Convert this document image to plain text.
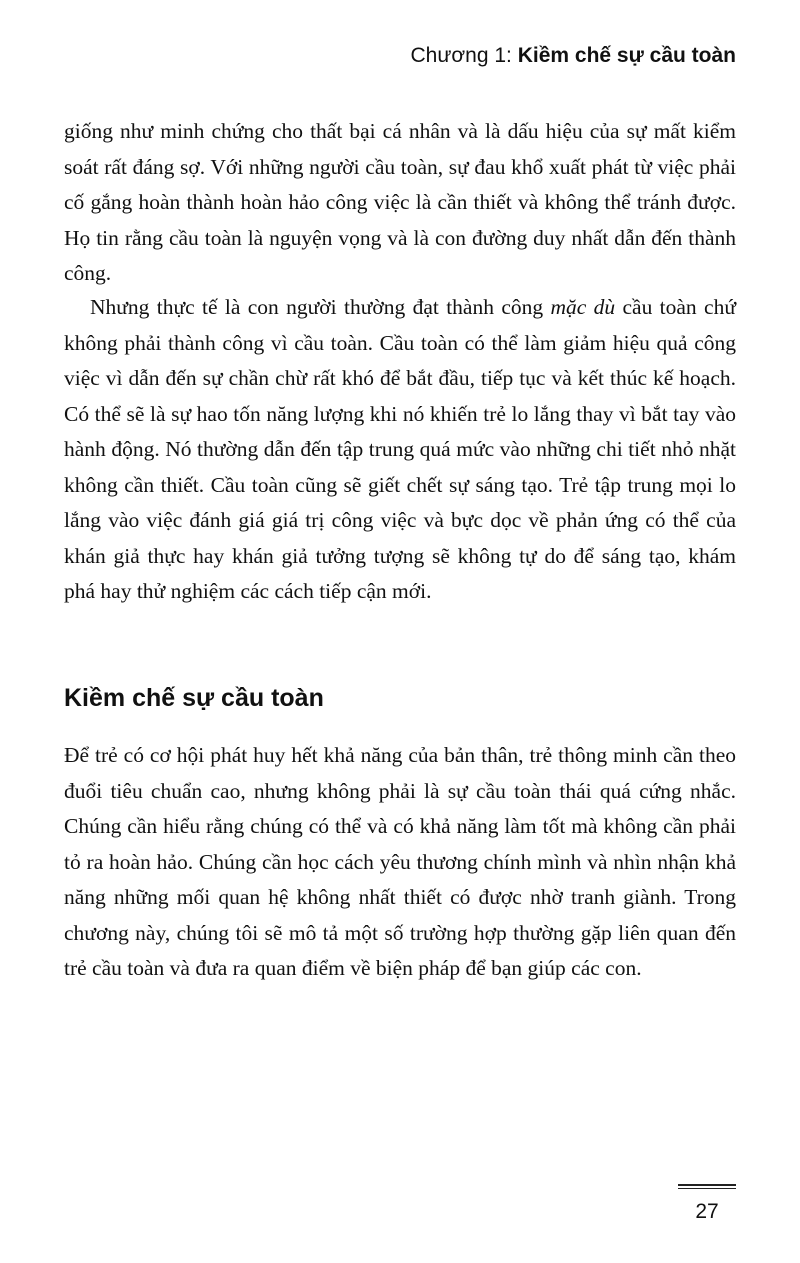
Chương 1: Kiềm chế sự cầu toàn

giống như minh chứng cho thất bại cá nhân và là dấu hiệu của sự mất kiểm soát rất đáng sợ. Với những người cầu toàn, sự đau khổ xuất phát từ việc phải cố gắng hoàn thành hoàn hảo công việc là cần thiết và không thể tránh được. Họ tin rằng cầu toàn là nguyện vọng và là con đường duy nhất dẫn đến thành công.

Nhưng thực tế là con người thường đạt thành công mặc dù cầu toàn chứ không phải thành công vì cầu toàn. Cầu toàn có thể làm giảm hiệu quả công việc vì dẫn đến sự chần chừ rất khó để bắt đầu, tiếp tục và kết thúc kế hoạch. Có thể sẽ là sự hao tốn năng lượng khi nó khiến trẻ lo lắng thay vì bắt tay vào hành động. Nó thường dẫn đến tập trung quá mức vào những chi tiết nhỏ nhặt không cần thiết. Cầu toàn cũng sẽ giết chết sự sáng tạo. Trẻ tập trung mọi lo lắng vào việc đánh giá giá trị công việc và bực dọc về phản ứng có thể của khán giả thực hay khán giả tưởng tượng sẽ không tự do để sáng tạo, khám phá hay thử nghiệm các cách tiếp cận mới.

Kiềm chế sự cầu toàn

Để trẻ có cơ hội phát huy hết khả năng của bản thân, trẻ thông minh cần theo đuổi tiêu chuẩn cao, nhưng không phải là sự cầu toàn thái quá cứng nhắc. Chúng cần hiểu rằng chúng có thể và có khả năng làm tốt mà không cần phải tỏ ra hoàn hảo. Chúng cần học cách yêu thương chính mình và nhìn nhận khả năng những mối quan hệ không nhất thiết có được nhờ tranh giành. Trong chương này, chúng tôi sẽ mô tả một số trường hợp thường gặp liên quan đến trẻ cầu toàn và đưa ra quan điểm về biện pháp để bạn giúp các con.

27
